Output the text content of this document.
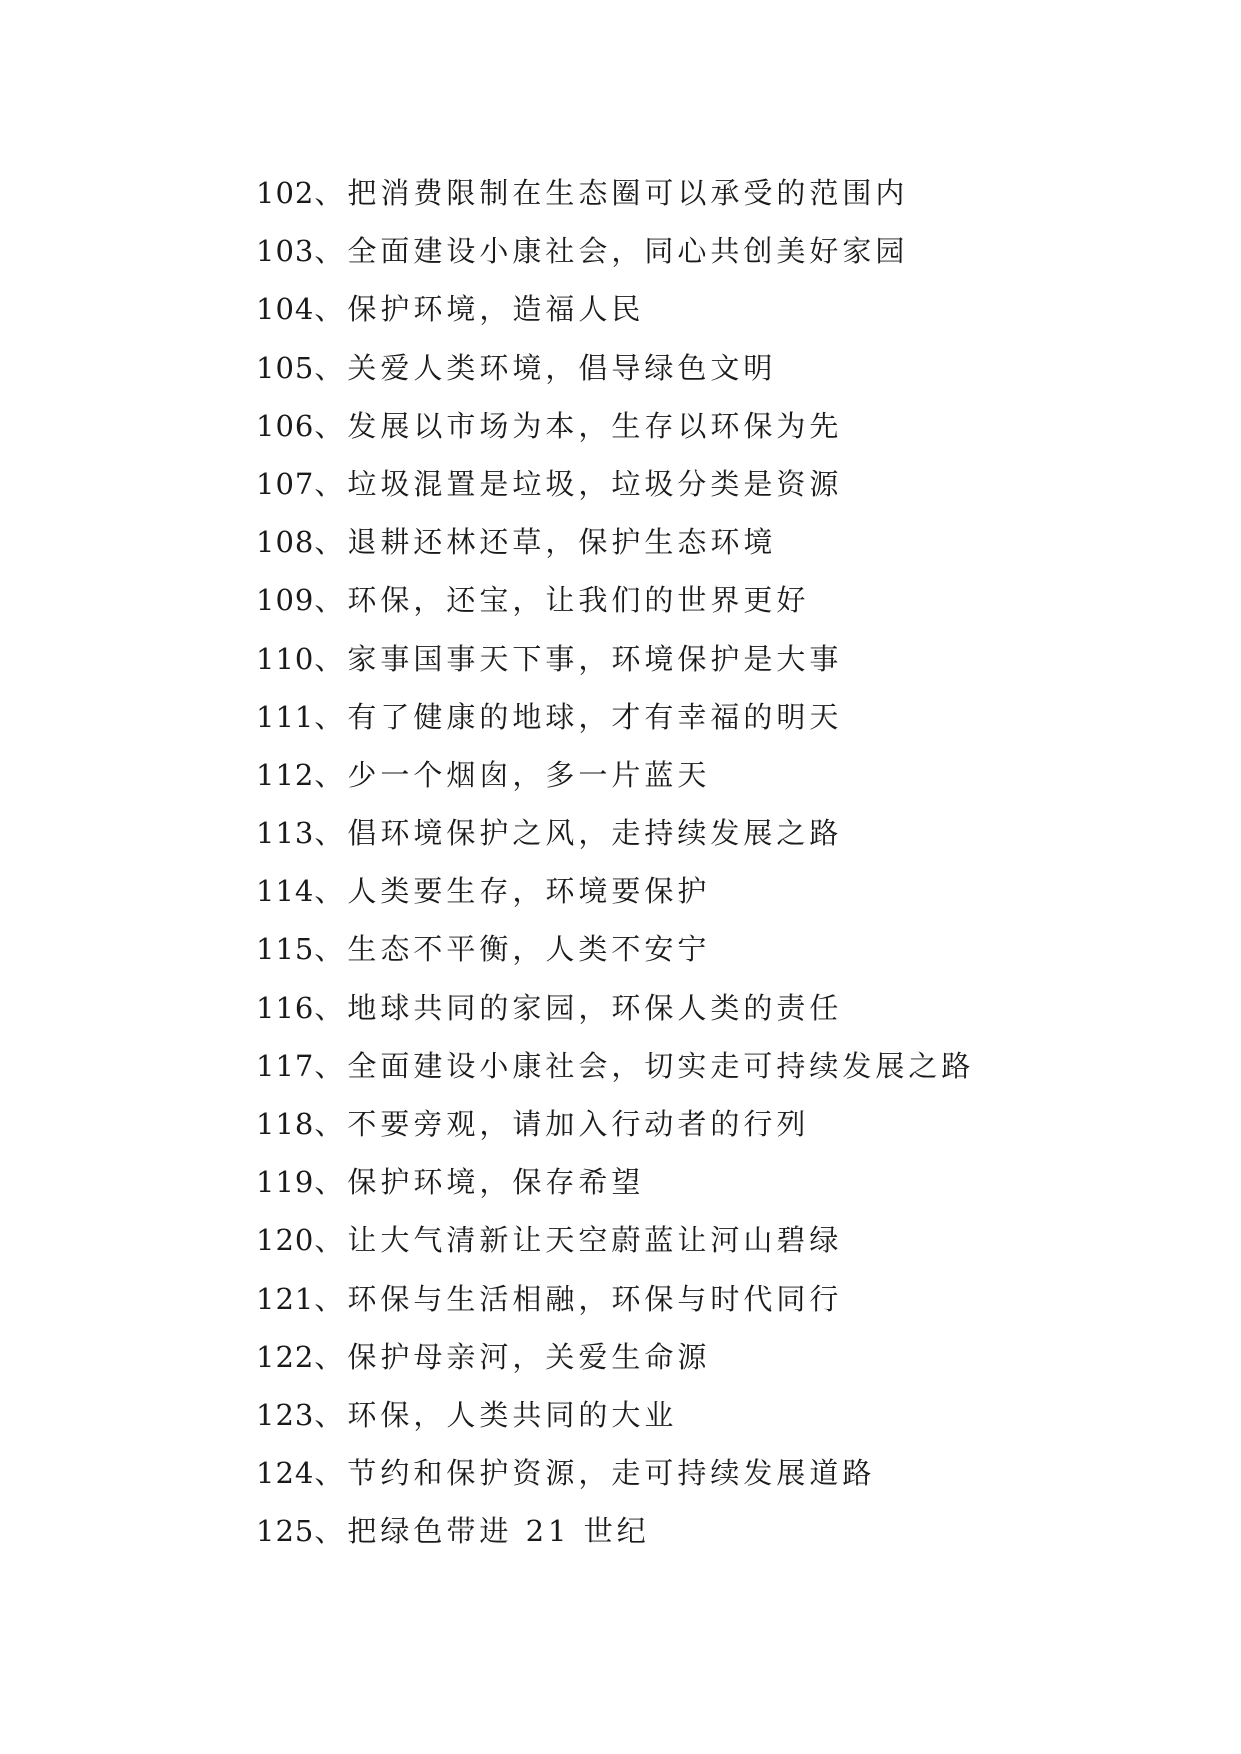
102、把消费限制在生态圈可以承受的范围内
103、全面建设小康社会，同心共创美好家园
104、保护环境，造福人民
105、关爱人类环境，倡导绿色文明
106、发展以市场为本，生存以环保为先
107、垃圾混置是垃圾，垃圾分类是资源
108、退耕还林还草，保护生态环境
109、环保，还宝，让我们的世界更好
110、家事国事天下事，环境保护是大事
111、有了健康的地球，才有幸福的明天
112、少一个烟囱，多一片蓝天
113、倡环境保护之风，走持续发展之路
114、人类要生存，环境要保护
115、生态不平衡，人类不安宁
116、地球共同的家园，环保人类的责任
117、全面建设小康社会，切实走可持续发展之路
118、不要旁观，请加入行动者的行列
119、保护环境，保存希望
120、让大气清新让天空蔚蓝让河山碧绿
121、环保与生活相融，环保与时代同行
122、保护母亲河，关爱生命源
123、环保，人类共同的大业
124、节约和保护资源，走可持续发展道路
125、把绿色带进 21 世纪
